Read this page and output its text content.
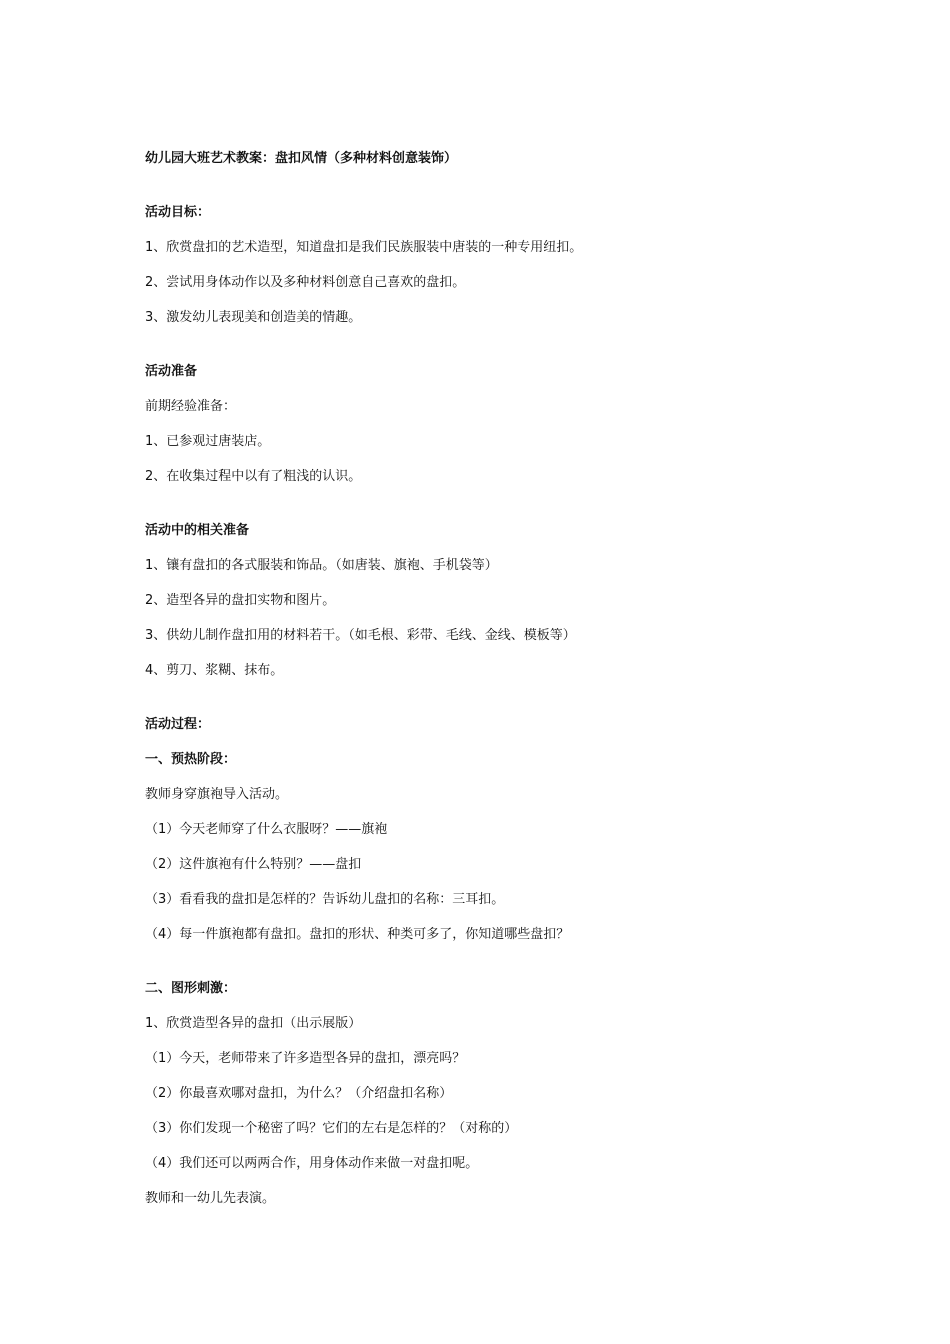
幼儿园大班艺术教案：盘扣风情（多种材料创意装饰）
活动目标：
1、欣赏盘扣的艺术造型，知道盘扣是我们民族服装中唐装的一种专用纽扣。
2、尝试用身体动作以及多种材料创意自己喜欢的盘扣。
3、激发幼儿表现美和创造美的情趣。
活动准备
前期经验准备：
1、已参观过唐装店。
2、在收集过程中以有了粗浅的认识。
活动中的相关准备
1、镶有盘扣的各式服装和饰品。（如唐装、旗袍、手机袋等）
2、造型各异的盘扣实物和图片。
3、供幼儿制作盘扣用的材料若干。（如毛根、彩带、毛线、金线、模板等）
4、剪刀、浆糊、抹布。
活动过程：
一、预热阶段：
教师身穿旗袍导入活动。
（1）今天老师穿了什么衣服呀？——旗袍
（2）这件旗袍有什么特别？——盘扣
（3）看看我的盘扣是怎样的？告诉幼儿盘扣的名称：三耳扣。
（4）每一件旗袍都有盘扣。盘扣的形状、种类可多了，你知道哪些盘扣？
二、图形刺激：
1、欣赏造型各异的盘扣（出示展版）
（1）今天，老师带来了许多造型各异的盘扣，漂亮吗？
（2）你最喜欢哪对盘扣，为什么？（介绍盘扣名称）
（3）你们发现一个秘密了吗？它们的左右是怎样的？（对称的）
（4）我们还可以两两合作，用身体动作来做一对盘扣呢。
教师和一幼儿先表演。
